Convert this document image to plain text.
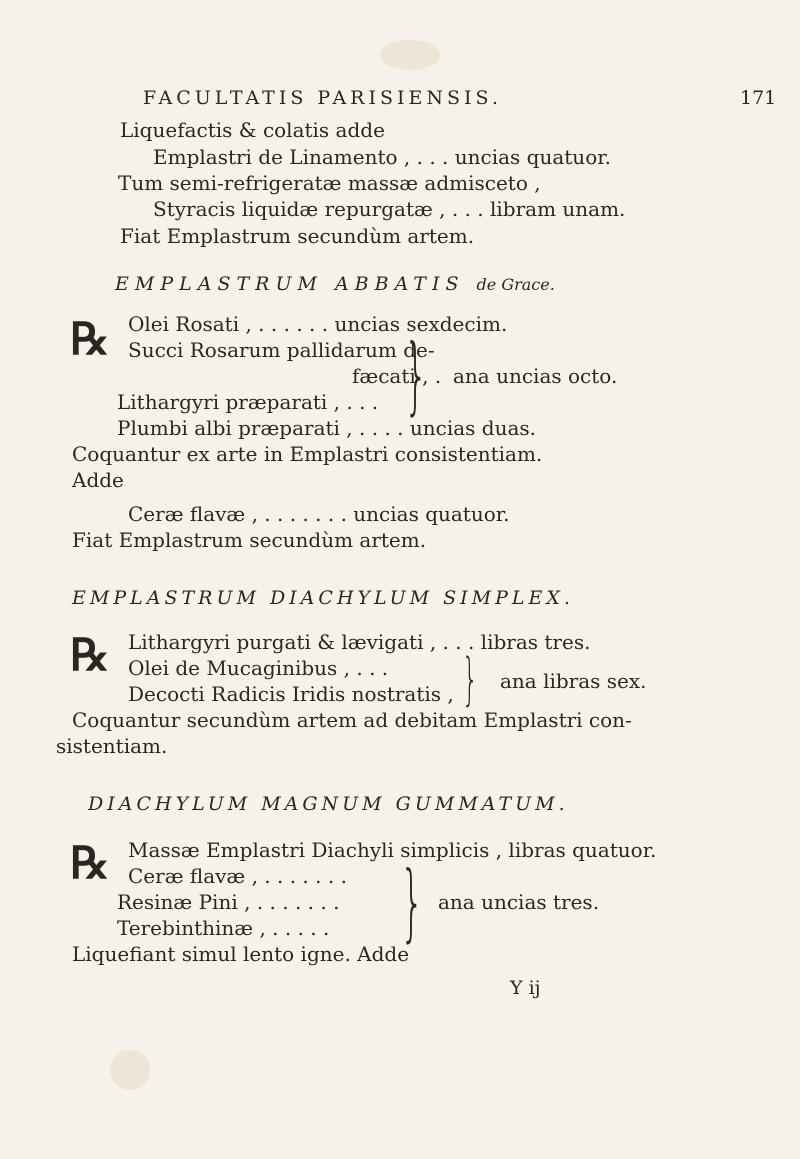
FACULTATIS PARISIENSIS.	171
Liquefactis & colatis adde
Emplastri de Linamento , . . . uncias quatuor.
Tum semi-refrigeratæ massæ admisceto ,
Styracis liquidæ repurgatæ , . . . libram unam.
Fiat Emplastrum secundùm artem.
EMPLASTRUM ABBATIS de Grace.
℞ Olei Rosati , . . . . . . uncias sexdecim.
Succi Rosarum pallidarum de-
fæcati , .
Lithargyri præparati , . . . } ana uncias octo.
Plumbi albi præparati , . . . . uncias duas.
Coquantur ex arte in Emplastri consistentiam.
Adde
Ceræ flavæ , . . . . . . . uncias quatuor.
Fiat Emplastrum secundùm artem.
EMPLASTRUM DIACHYLUM SIMPLEX.
℞ Lithargyri purgati & lævigati , . . . libras tres.
Olei de Mucaginibus , . . .
Decocti Radicis Iridis nostratis , } ana libras sex.
Coquantur secundùm artem ad debitam Emplastri con-
sistentiam.
DIACHYLUM MAGNUM GUMMATUM.
℞ Massæ Emplastri Diachyli simplicis , libras quatuor.
Ceræ flavæ , . . . . . . .
Resinæ Pini , . . . . . . .
Terebinthinæ , . . . . . } ana uncias tres.
Liquefiant simul lento igne. Adde
Y ij
